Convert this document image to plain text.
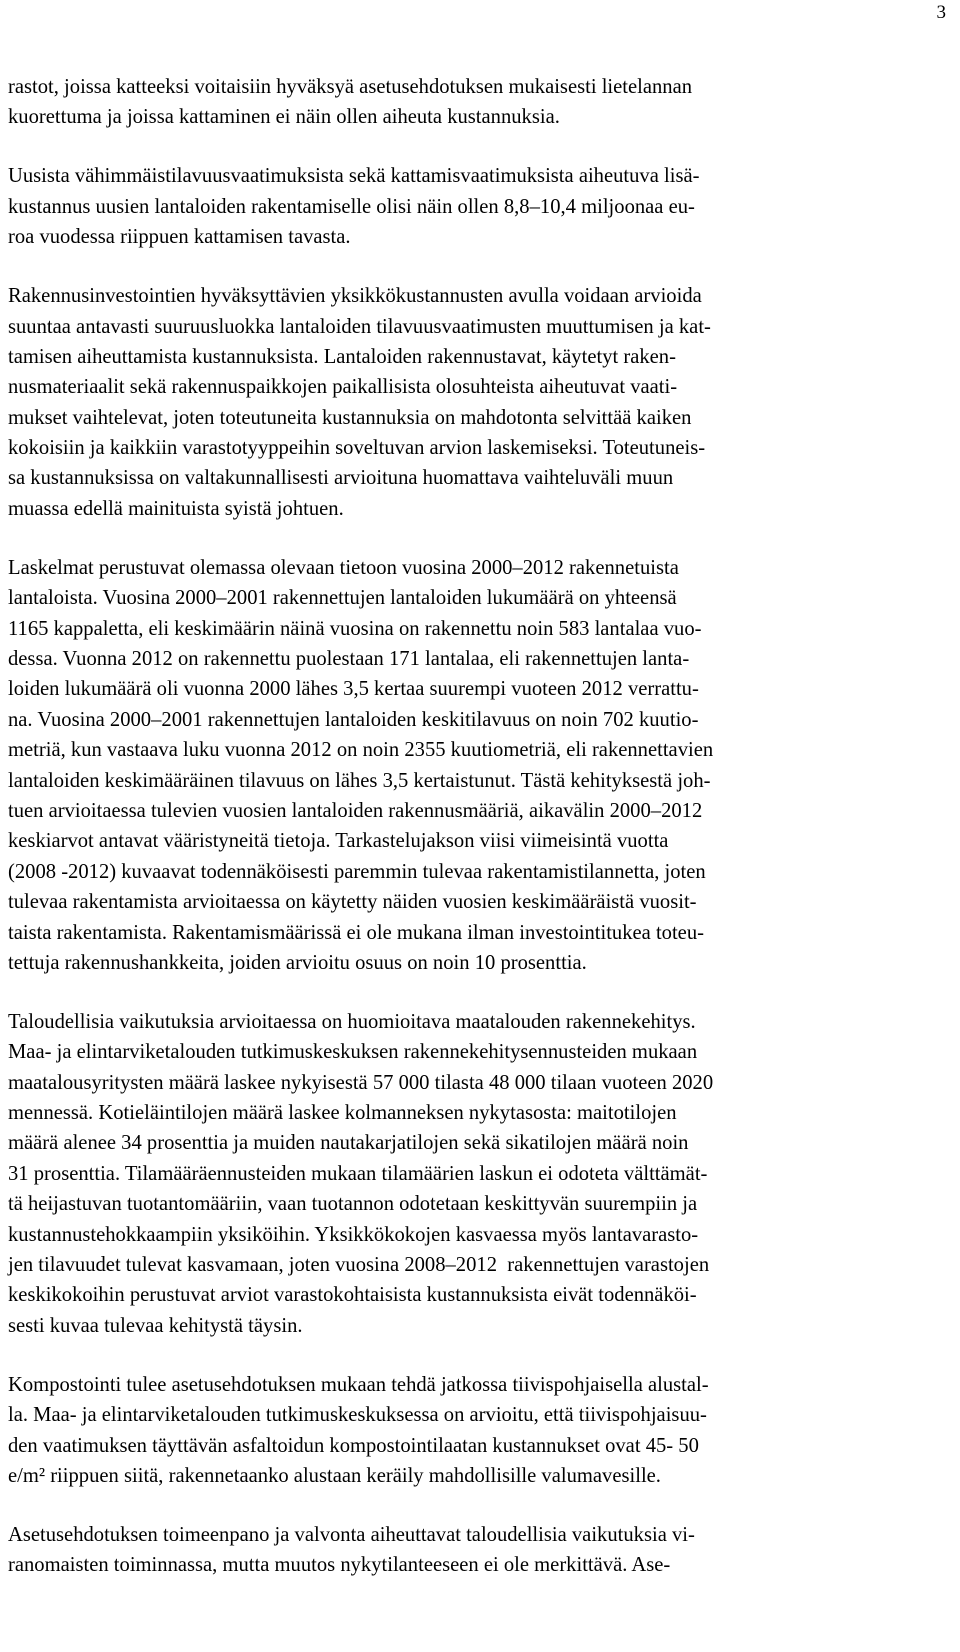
3
rastot, joissa katteeksi voitaisiin hyväksyä asetusehdotuksen mukaisesti lietelannan
kuorettuma ja joissa kattaminen ei näin ollen aiheuta kustannuksia.
Uusista vähimmäistilavuusvaatimuksista sekä kattamisvaatimuksista aiheutuva lisä-
kustannus uusien lantaloiden rakentamiselle olisi näin ollen 8,8–10,4 miljoonaa eu-
roa vuodessa riippuen kattamisen tavasta.
Rakennusinvestointien hyväksyttävien yksikkökustannusten avulla voidaan arvioida
suuntaa antavasti suuruusluokka lantaloiden tilavuusvaatimusten muuttumisen ja kat-
tamisen aiheuttamista kustannuksista. Lantaloiden rakennustavat, käytetyt raken-
nusmateriaalit sekä rakennuspaikkojen paikallisista olosuhteista aiheutuvat vaati-
mukset vaihtelevat, joten toteutuneita kustannuksia on mahdotonta selvittää kaiken
kokoisiin ja kaikkiin varastotyyppeihin soveltuvan arvion laskemiseksi. Toteutuneis-
sa kustannuksissa on valtakunnallisesti arvioituna huomattava vaihteluväli muun
muassa edellä mainituista syistä johtuen.
Laskelmat perustuvat olemassa olevaan tietoon vuosina 2000–2012 rakennetuista
lantaloista. Vuosina 2000–2001 rakennettujen lantaloiden lukumäärä on yhteensä
1165 kappaletta, eli keskimäärin näinä vuosina on rakennettu noin 583 lantalaa vuo-
dessa. Vuonna 2012 on rakennettu puolestaan 171 lantalaa, eli rakennettujen lanta-
loiden lukumäärä oli vuonna 2000 lähes 3,5 kertaa suurempi vuoteen 2012 verrattu-
na. Vuosina 2000–2001 rakennettujen lantaloiden keskitilavuus on noin 702 kuutio-
metriä, kun vastaava luku vuonna 2012 on noin 2355 kuutiometriä, eli rakennettavien
lantaloiden keskimääräinen tilavuus on lähes 3,5 kertaistunut. Tästä kehityksestä joh-
tuen arvioitaessa tulevien vuosien lantaloiden rakennusmääriä, aikavälin 2000–2012
keskiarvot antavat vääristyneitä tietoja. Tarkastelujakson viisi viimeisintä vuotta
(2008 -2012) kuvaavat todennäköisesti paremmin tulevaa rakentamistilannetta, joten
tulevaa rakentamista arvioitaessa on käytetty näiden vuosien keskimääräistä vuosit-
taista rakentamista. Rakentamismäärissä ei ole mukana ilman investointitukea toteu-
tettuja rakennushankkeita, joiden arvioitu osuus on noin 10 prosenttia.
Taloudellisia vaikutuksia arvioitaessa on huomioitava maatalouden rakennekehitys.
Maa- ja elintarviketalouden tutkimuskeskuksen rakennekehitysennusteiden mukaan
maatalousyritysten määrä laskee nykyisestä 57 000 tilasta 48 000 tilaan vuoteen 2020
mennessä. Kotieläintilojen määrä laskee kolmanneksen nykytasosta: maitotilojen
määrä alenee 34 prosenttia ja muiden nautakarjatilojen sekä sikatilojen määrä noin
31 prosenttia. Tilamääräennusteiden mukaan tilamäärien laskun ei odoteta välttämät-
tä heijastuvan tuotantomääriin, vaan tuotannon odotetaan keskittyvän suurempiin ja
kustannustehokkaampiin yksiköihin. Yksikkökokojen kasvaessa myös lantavarasto-
jen tilavuudet tulevat kasvamaan, joten vuosina 2008–2012  rakennettujen varastojen
keskikokoihin perustuvat arviot varastokohtaisista kustannuksista eivät todennäköi-
sesti kuvaa tulevaa kehitystä täysin.
Kompostointi tulee asetusehdotuksen mukaan tehdä jatkossa tiivispohjaisella alustal-
la. Maa- ja elintarviketalouden tutkimuskeskuksessa on arvioitu, että tiivispohjaisuu-
den vaatimuksen täyttävän asfaltoidun kompostointilaatan kustannukset ovat 45- 50
e/m² riippuen siitä, rakennetaanko alustaan keräily mahdollisille valumavesille.
Asetusehdotuksen toimeenpano ja valvonta aiheuttavat taloudellisia vaikutuksia vi-
ranomaisten toiminnassa, mutta muutos nykytilanteeseen ei ole merkittävä. Ase-
